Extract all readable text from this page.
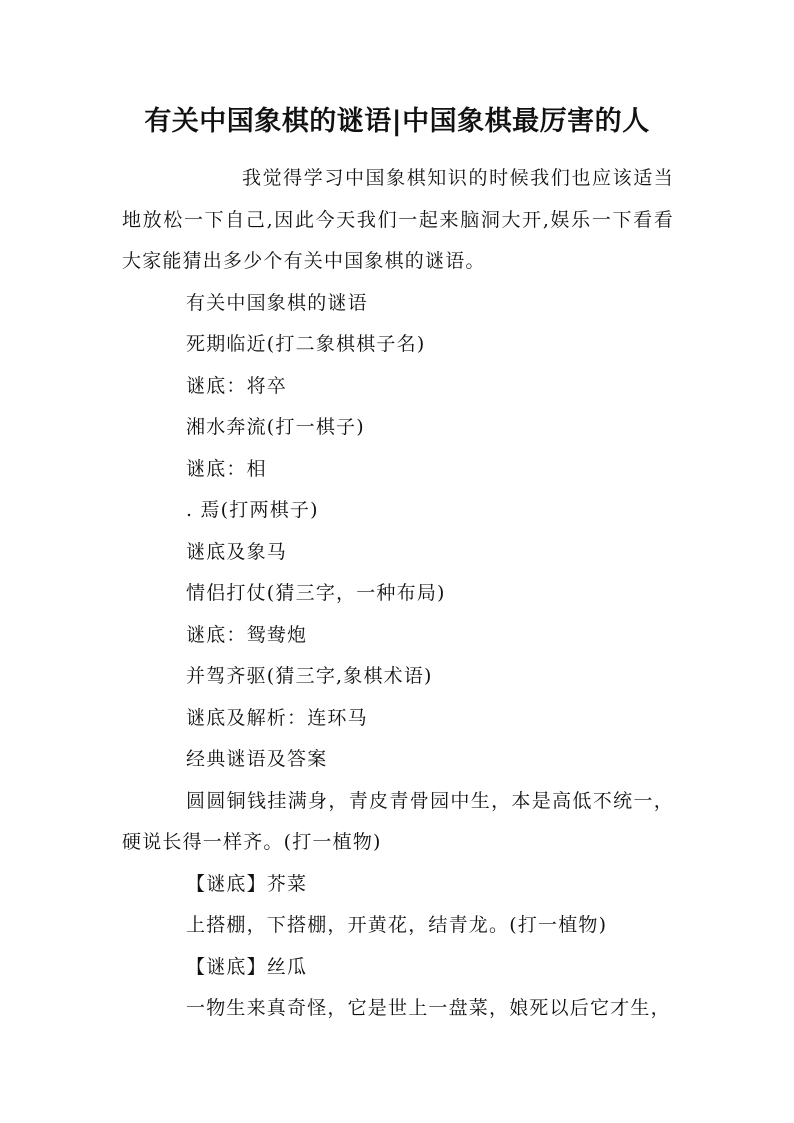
有关中国象棋的谜语|中国象棋最厉害的人

我觉得学习中国象棋知识的时候我们也应该适当地放松一下自己,因此今天我们一起来脑洞大开,娱乐一下看看大家能猜出多少个有关中国象棋的谜语。

有关中国象棋的谜语

死期临近(打二象棋棋子名)

谜底：将卒

湘水奔流(打一棋子)

谜底：相

. 焉(打两棋子)

谜底及象马

情侣打仗(猜三字，一种布局)

谜底：鸳鸯炮

并驾齐驱(猜三字,象棋术语)

谜底及解析：连环马

经典谜语及答案

圆圆铜钱挂满身，青皮青骨园中生，本是高低不统一，硬说长得一样齐。(打一植物)

【谜底】芥菜

上搭棚，下搭棚，开黄花，结青龙。(打一植物)

【谜底】丝瓜

一物生来真奇怪，它是世上一盘菜，娘死以后它才生，
